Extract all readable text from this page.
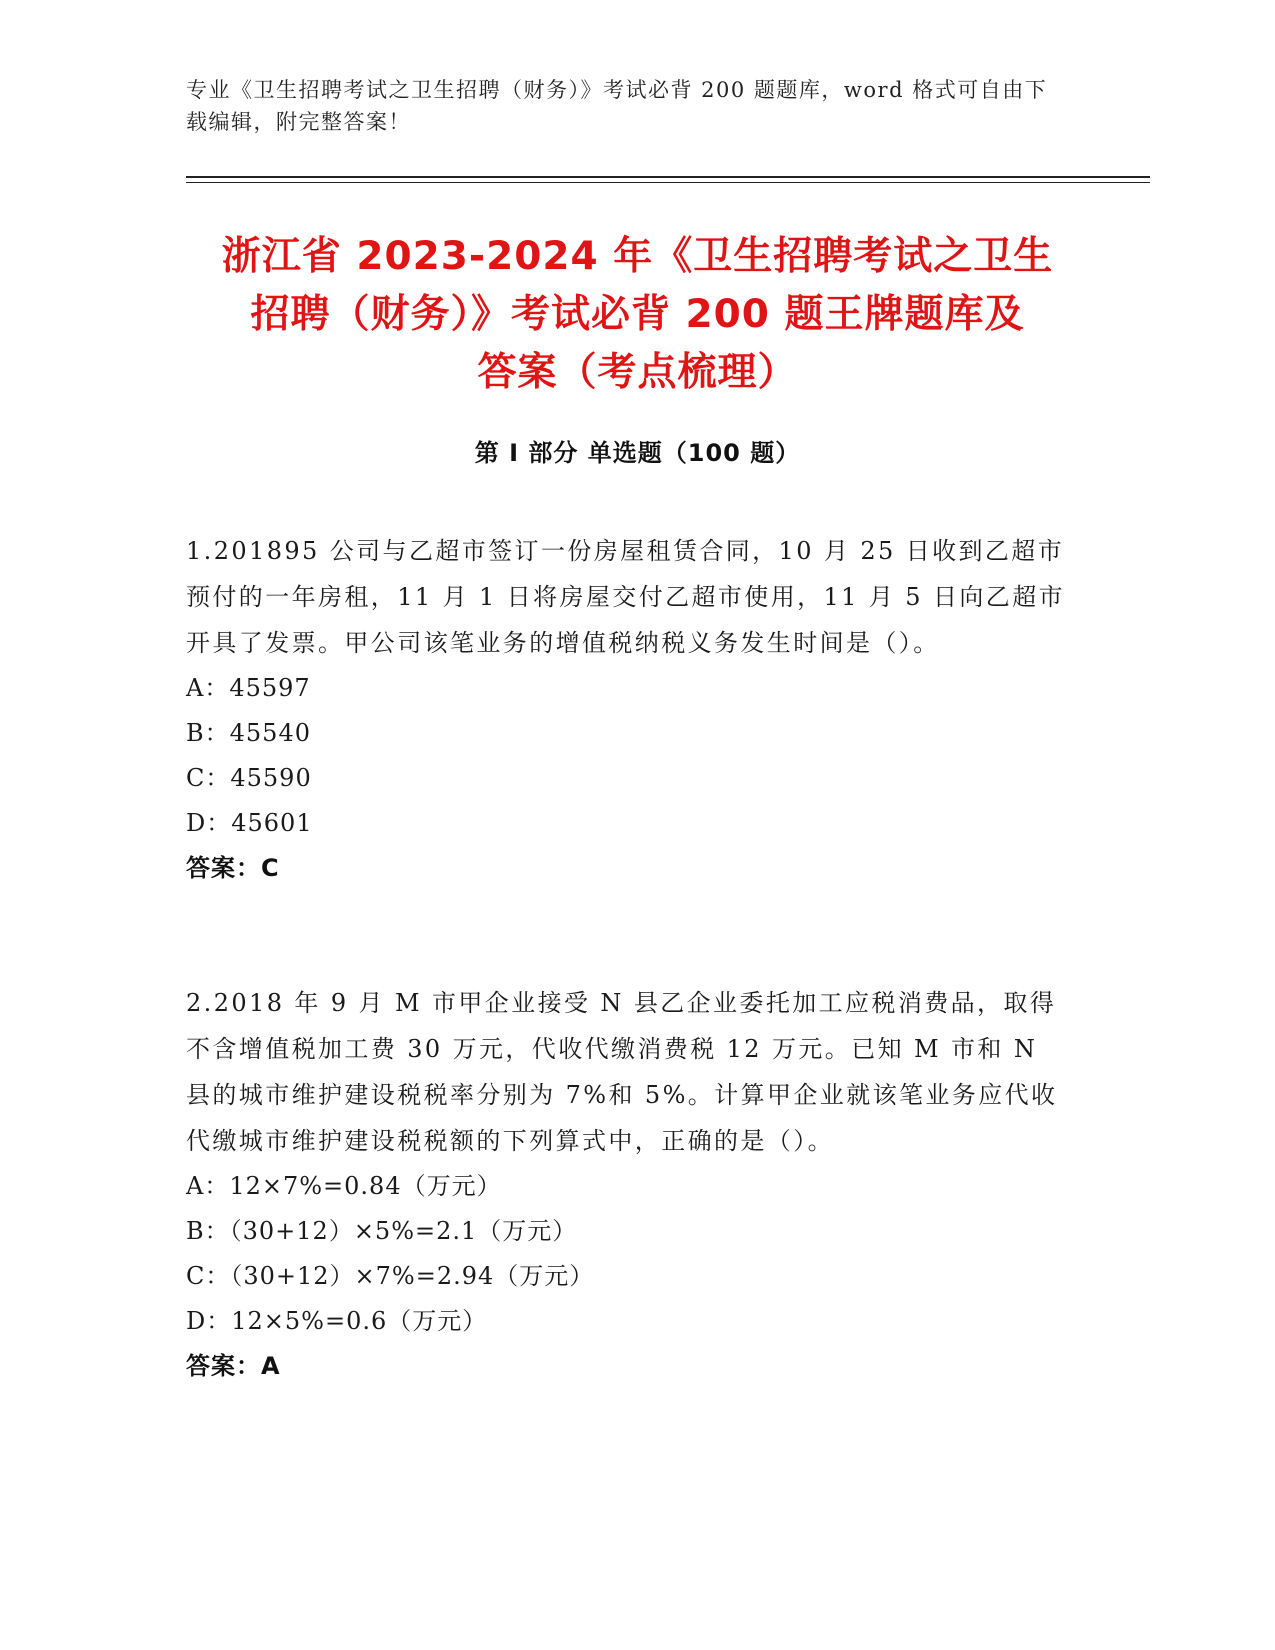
专业《卫生招聘考试之卫生招聘（财务）》考试必背 200 题题库，word 格式可自由下载编辑，附完整答案！
浙江省 2023-2024 年《卫生招聘考试之卫生
招聘（财务）》考试必背 200 题王牌题库及
答案（考点梳理）
第 I 部分 单选题（100 题）

1.201895 公司与乙超市签订一份房屋租赁合同，10 月 25 日收到乙超市预付的一年房租，11 月 1 日将房屋交付乙超市使用，11 月 5 日向乙超市开具了发票。甲公司该笔业务的增值税纳税义务发生时间是（）。

A：45597
B：45540
C：45590
D：45601
答案：C

2.2018 年 9 月 M 市甲企业接受 N 县乙企业委托加工应税消费品，取得不含增值税加工费 30 万元，代收代缴消费税 12 万元。已知 M 市和 N 县的城市维护建设税税率分别为 7%和 5%。计算甲企业就该笔业务应代收代缴城市维护建设税税额的下列算式中，正确的是（）。

A：12×7%=0.84（万元）
B：（30+12）×5%=2.1（万元）
C：（30+12）×7%=2.94（万元）
D：12×5%=0.6（万元）
答案：A
